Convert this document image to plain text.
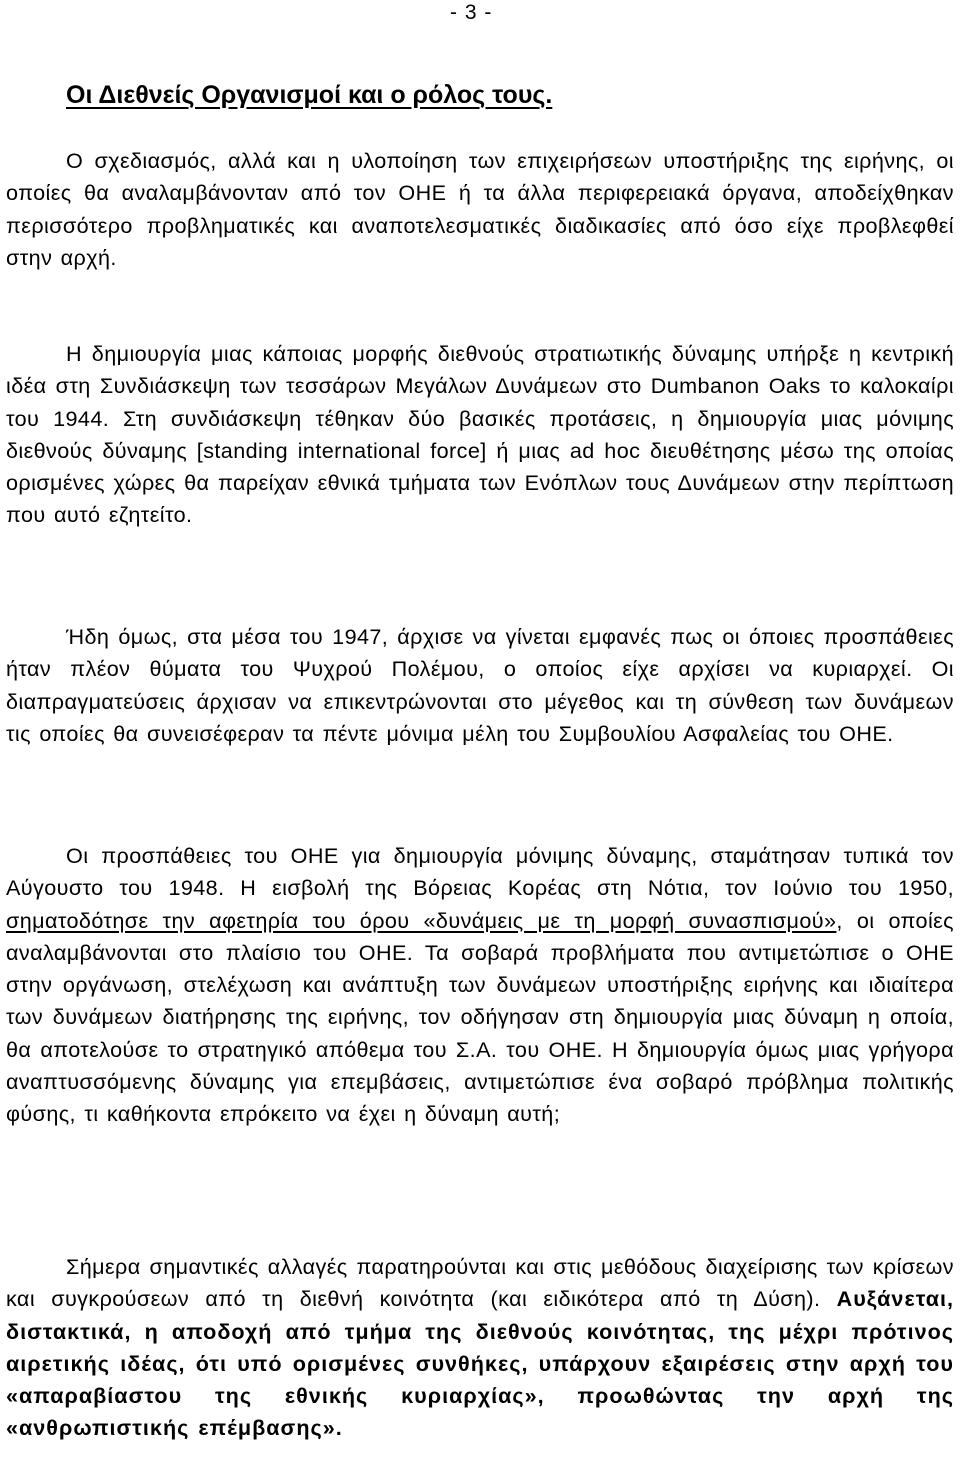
- 3 -
Οι Διεθνείς Οργανισμοί και ο ρόλος τους.

Ο σχεδιασμός, αλλά και η υλοποίηση των επιχειρήσεων υποστήριξης της ειρήνης, οι οποίες θα αναλαμβάνονταν από τον ΟΗΕ ή τα άλλα περιφερειακά όργανα, αποδείχθηκαν περισσότερο προβληματικές και αναποτελεσματικές διαδικασίες από όσο είχε προβλεφθεί στην αρχή.

Η δημιουργία μιας κάποιας μορφής διεθνούς στρατιωτικής δύναμης υπήρξε η κεντρική ιδέα στη Συνδιάσκεψη των τεσσάρων Μεγάλων Δυνάμεων στο Dumbanon Oaks το καλοκαίρι του 1944. Στη συνδιάσκεψη τέθηκαν δύο βασικές προτάσεις, η δημιουργία μιας μόνιμης διεθνούς δύναμης [standing international force] ή μιας ad hoc διευθέτησης μέσω της οποίας ορισμένες χώρες θα παρείχαν εθνικά τμήματα των Ενόπλων τους Δυνάμεων στην περίπτωση που αυτό εζητείτο.

Ήδη όμως, στα μέσα του 1947, άρχισε να γίνεται εμφανές πως οι όποιες προσπάθειες ήταν πλέον θύματα του Ψυχρού Πολέμου, ο οποίος είχε αρχίσει να κυριαρχεί. Οι διαπραγματεύσεις άρχισαν να επικεντρώνονται στο μέγεθος και τη σύνθεση των δυνάμεων τις οποίες θα συνεισέφεραν τα πέντε μόνιμα μέλη του Συμβουλίου Ασφαλείας του ΟΗΕ.

Οι προσπάθειες του ΟΗΕ για δημιουργία μόνιμης δύναμης, σταμάτησαν τυπικά τον Αύγουστο του 1948. Η εισβολή της Βόρειας Κορέας στη Νότια, τον Ιούνιο του 1950, σηματοδότησε την αφετηρία του όρου «δυνάμεις με τη μορφή συνασπισμού», οι οποίες αναλαμβάνονται στο πλαίσιο του ΟΗΕ. Τα σοβαρά προβλήματα που αντιμετώπισε ο ΟΗΕ στην οργάνωση, στελέχωση και ανάπτυξη των δυνάμεων υποστήριξης ειρήνης και ιδιαίτερα των δυνάμεων διατήρησης της ειρήνης, τον οδήγησαν στη δημιουργία μιας δύναμη η οποία, θα αποτελούσε το στρατηγικό απόθεμα του Σ.Α. του ΟΗΕ. Η δημιουργία όμως μιας γρήγορα αναπτυσσόμενης δύναμης για επεμβάσεις, αντιμετώπισε ένα σοβαρό πρόβλημα πολιτικής φύσης, τι καθήκοντα επρόκειτο να έχει η δύναμη αυτή;

Σήμερα σημαντικές αλλαγές παρατηρούνται και στις μεθόδους διαχείρισης των κρίσεων και συγκρούσεων από τη διεθνή κοινότητα (και ειδικότερα από τη Δύση). Αυξάνεται, διστακτικά, η αποδοχή από τμήμα της διεθνούς κοινότητας, της μέχρι πρότινος αιρετικής ιδέας, ότι υπό ορισμένες συνθήκες, υπάρχουν εξαιρέσεις στην αρχή του «απαραβίαστου της εθνικής κυριαρχίας», προωθώντας την αρχή της «ανθρωπιστικής επέμβασης».
